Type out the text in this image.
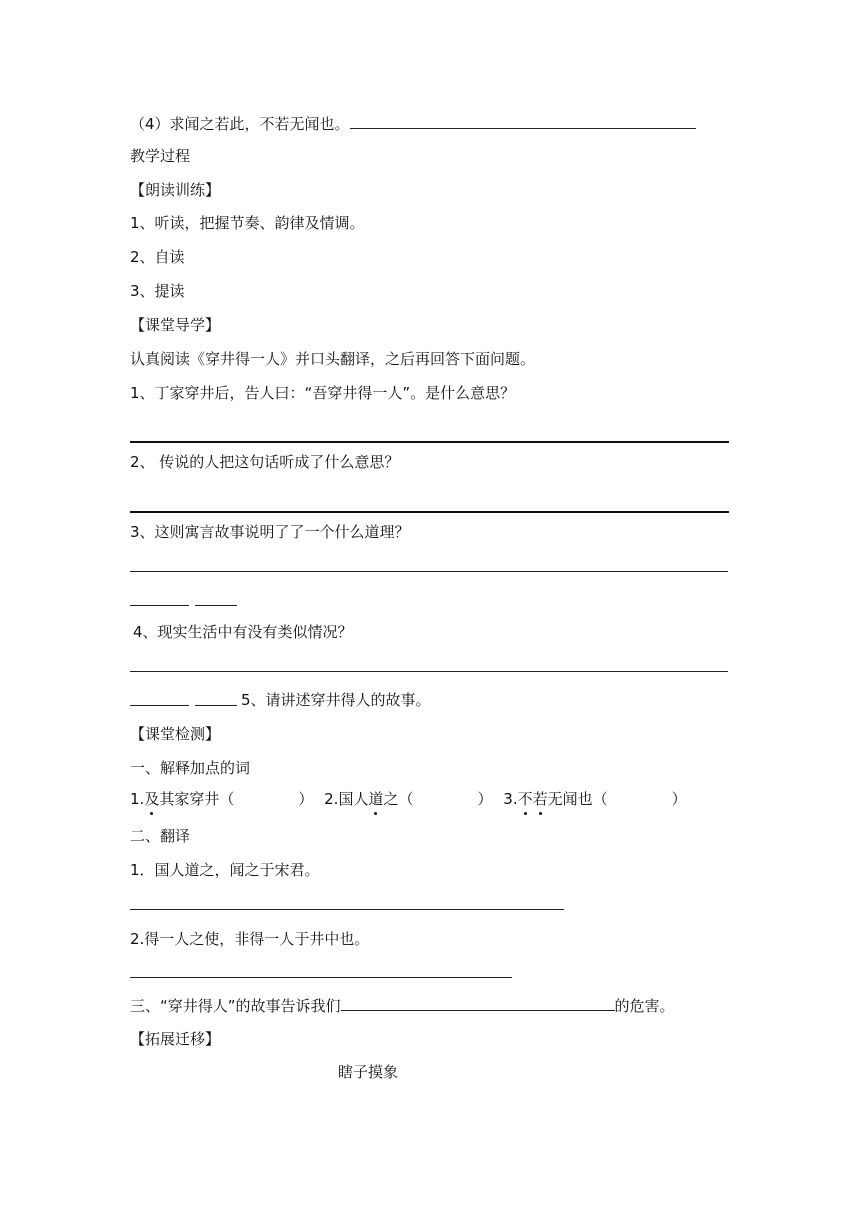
（4）求闻之若此，不若无闻也。
教学过程
【朗读训练】
1、听读，把握节奏、韵律及情调。
2、自读
3、提读
【课堂导学】
认真阅读《穿井得一人》并口头翻译，之后再回答下面问题。
1、丁家穿井后，告人曰：“吾穿井得一人”。是什么意思？
2、 传说的人把这句话听成了什么意思？
3、这则寓言故事说明了了一个什么道理？
4、现实生活中有没有类似情况？
5、请讲述穿井得人的故事。
【课堂检测】
一、解释加点的词
1.及其家穿井（	） 2.国人道之（	） 3.不若无闻也（	）
二、翻译
1．国人道之，闻之于宋君。
2.得一人之使，非得一人于井中也。
三、“穿井得人”的故事告诉我们	的危害。
【拓展迁移】
瞎子摸象
